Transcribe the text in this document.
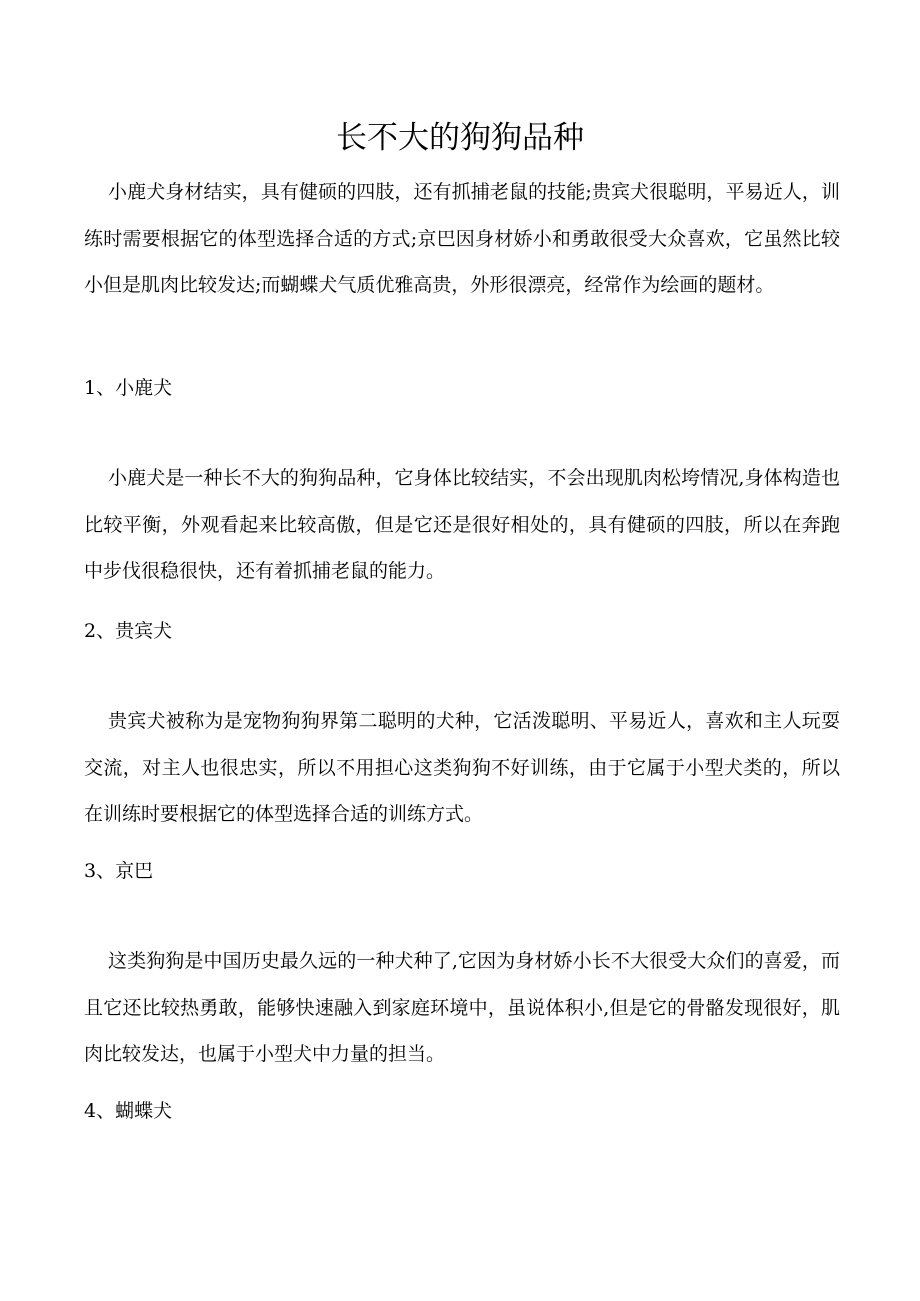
长不大的狗狗品种

小鹿犬身材结实，具有健硕的四肢，还有抓捕老鼠的技能;贵宾犬很聪明，平易近人，训练时需要根据它的体型选择合适的方式;京巴因身材娇小和勇敢很受大众喜欢，它虽然比较小但是肌肉比较发达;而蝴蝶犬气质优雅高贵，外形很漂亮，经常作为绘画的题材。

1、小鹿犬

小鹿犬是一种长不大的狗狗品种，它身体比较结实，不会出现肌肉松垮情况,身体构造也比较平衡，外观看起来比较高傲，但是它还是很好相处的，具有健硕的四肢，所以在奔跑中步伐很稳很快，还有着抓捕老鼠的能力。

2、贵宾犬

贵宾犬被称为是宠物狗狗界第二聪明的犬种，它活泼聪明、平易近人，喜欢和主人玩耍交流，对主人也很忠实，所以不用担心这类狗狗不好训练，由于它属于小型犬类的，所以在训练时要根据它的体型选择合适的训练方式。

3、京巴

这类狗狗是中国历史最久远的一种犬种了,它因为身材娇小长不大很受大众们的喜爱，而且它还比较热勇敢，能够快速融入到家庭环境中，虽说体积小,但是它的骨骼发现很好，肌肉比较发达，也属于小型犬中力量的担当。

4、蝴蝶犬
